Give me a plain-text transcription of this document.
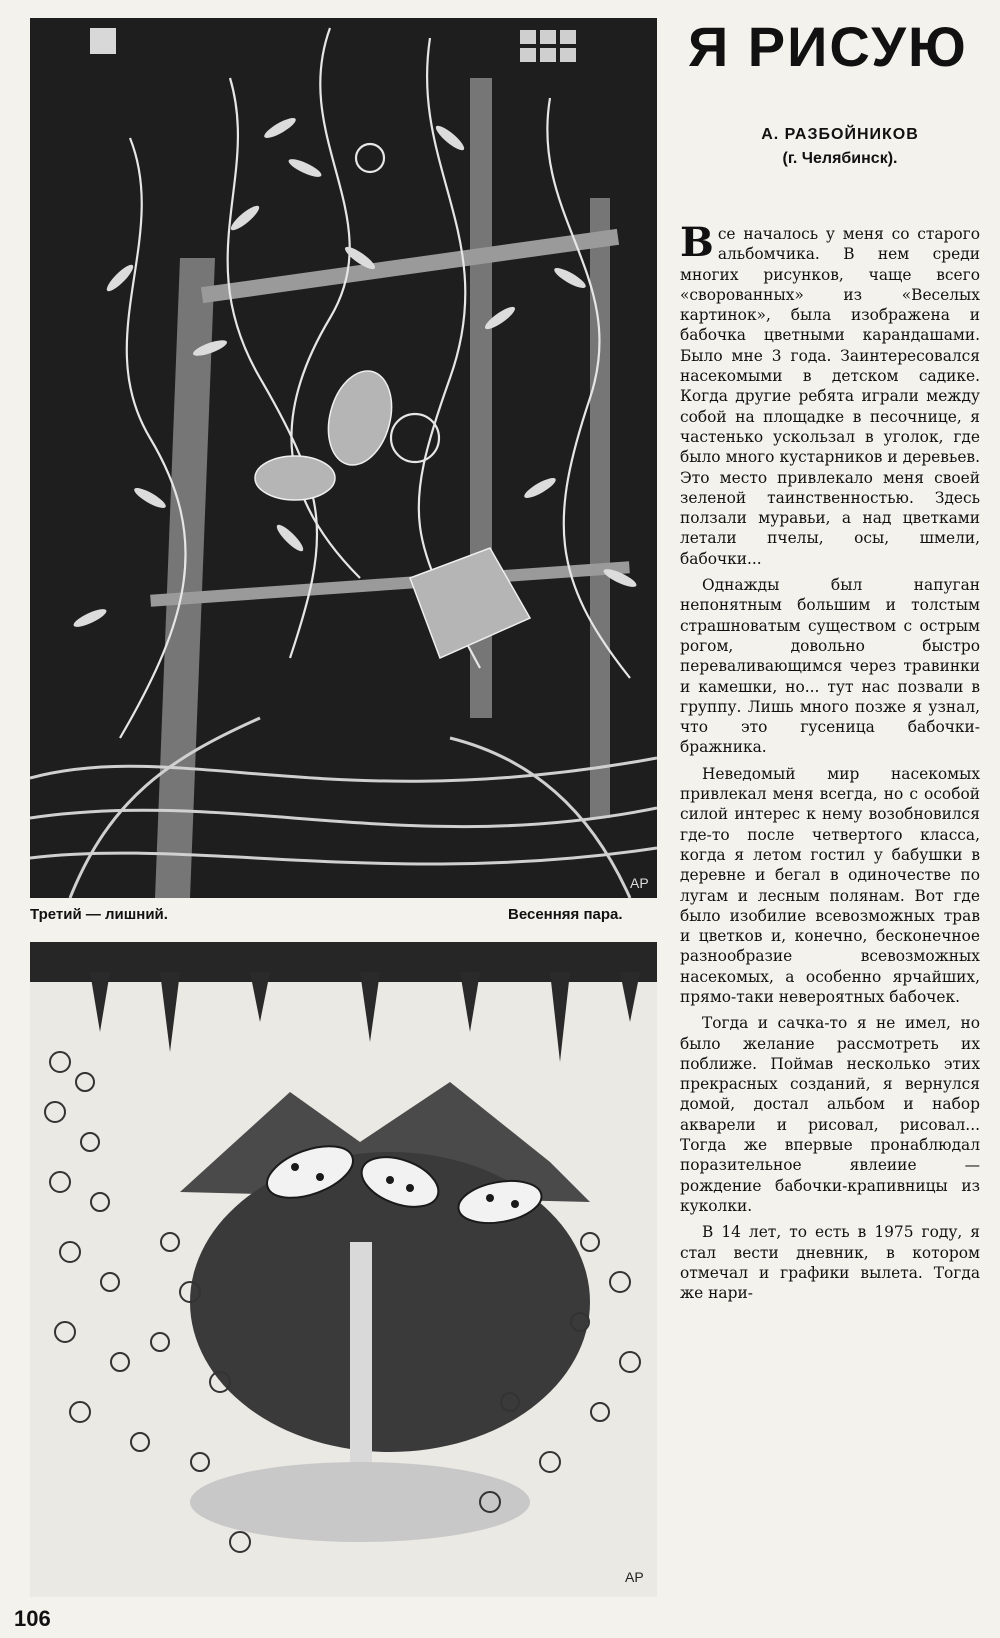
АР
Третий — лишний.	Весенняя пара.
АР
Я РИСУЮ
А. РАЗБОЙНИКОВ
(г. Челябинск).

Все началось у меня со старого альбомчика. В нем среди многих рисунков, чаще всего «своpoванных» из «Веселых картинок», была изображена и бабочка цветными карандашами. Было мне 3 года. Заинтересовался насекомыми в детском садике. Когда другие ребята играли между собой на площадке в песочнице, я частенько ускользал в уголок, где было много кустарников и деревьев. Это место привлекало меня своей зеленой таинственностью. Здесь ползали муравьи, а над цветками летали пчелы, осы, шмели, бабочки...

Однажды был напуган непонятным большим и толстым страшноватым существом с острым рогом, довольно быстро переваливающимся через травинки и камешки, но... тут нас позвали в группу. Лишь много позже я узнал, что это гусеница бабочки-бражника.

Неведомый мир насекомых привлекал меня всегда, но с особой силой интерес к нему возобновился где-то после четвертого класса, когда я летом гостил у бабушки в деревне и бегал в одиночестве по лугам и лесным полянам. Вот где было изобилие всевозможных трав и цветков и, конечно, бесконечное разнообразие всевозможных насекомых, а особенно ярчайших, прямо-таки невероятных бабочек.

Тогда и сачка-то я не имел, но было желание рассмотреть их поближе. Поймав несколько этих прекрасных созданий, я вернулся домой, достал альбом и набор акварели и рисовал, рисовал... Тогда же впервые пронаблюдал поразительное явлеиие — рождение бабочки-крапивницы из куколки.

В 14 лет, то есть в 1975 году, я стал вести дневник, в котором отмечал и графики вылета. Тогда же нари-

106
